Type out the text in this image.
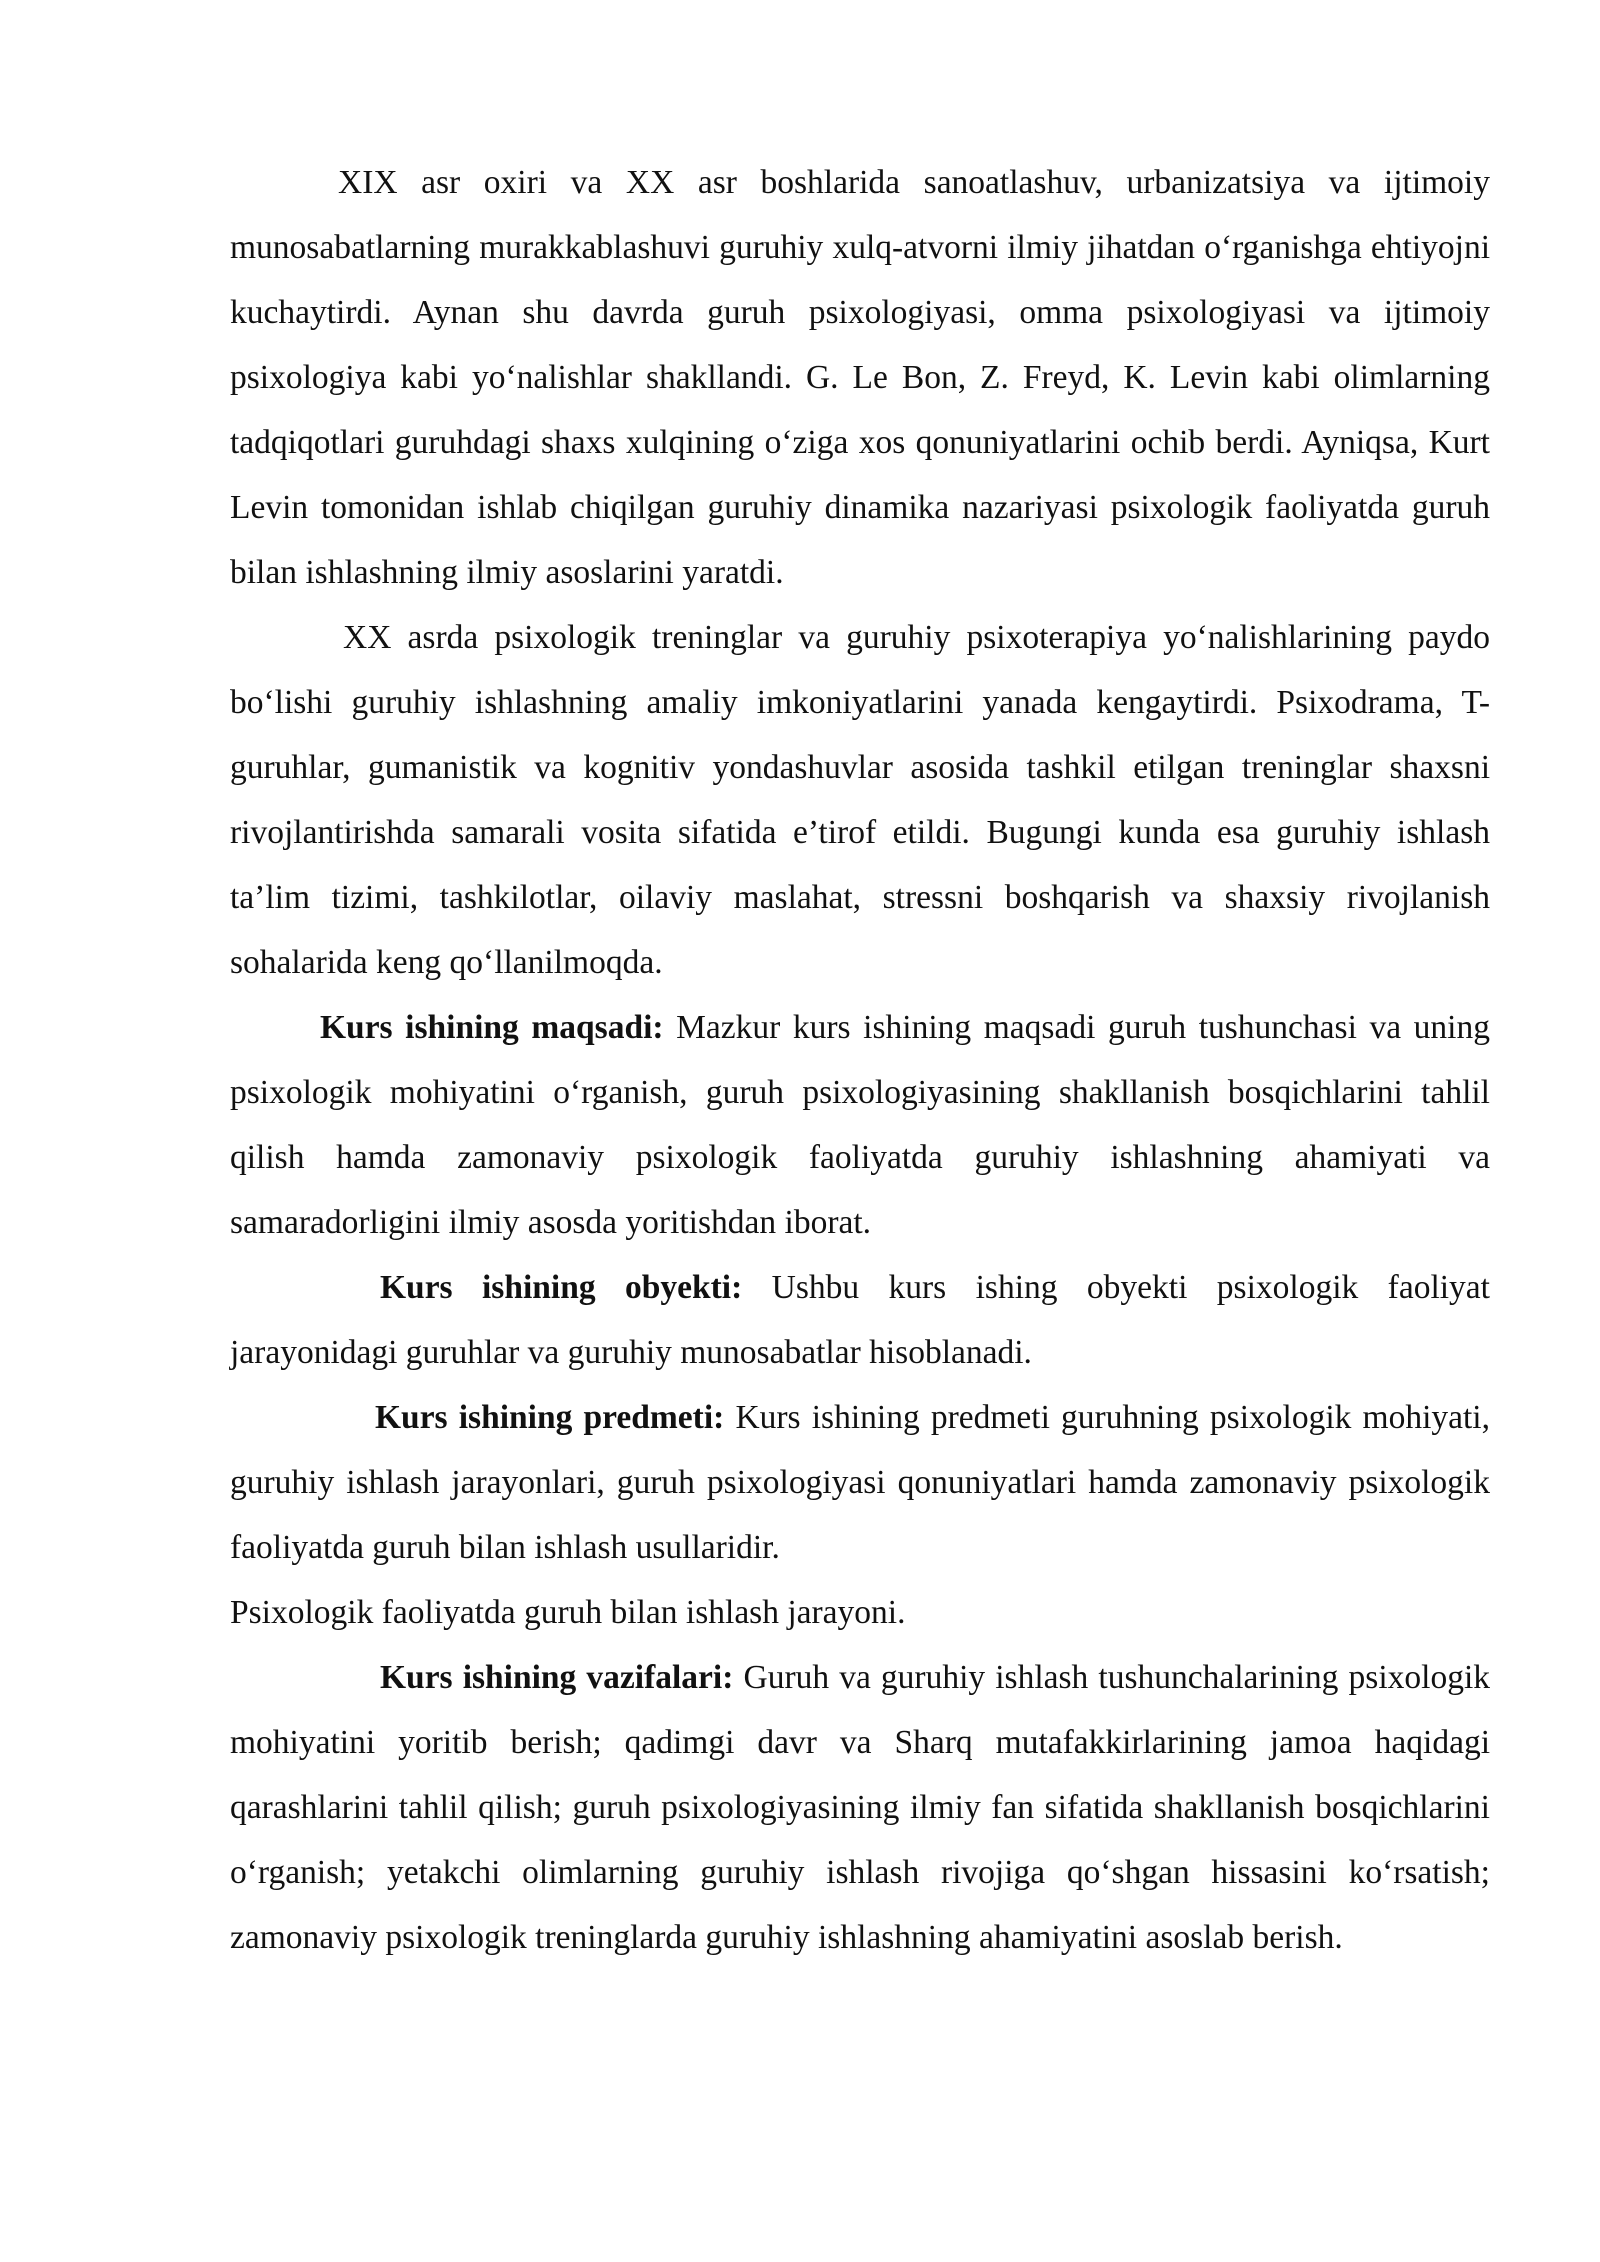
XIX asr oxiri va XX asr boshlarida sanoatlashuv, urbanizatsiya va ijtimoiy munosabatlarning murakkablashuvi guruhiy xulq-atvorni ilmiy jihatdan o‘rganishga ehtiyojni kuchaytirdi. Aynan shu davrda guruh psixologiyasi, omma psixologiyasi va ijtimoiy psixologiya kabi yo‘nalishlar shakllandi. G. Le Bon, Z. Freyd, K. Levin kabi olimlarning tadqiqotlari guruhdagi shaxs xulqining o‘ziga xos qonuniyatlarini ochib berdi. Ayniqsa, Kurt Levin tomonidan ishlab chiqilgan guruhiy dinamika nazariyasi psixologik faoliyatda guruh bilan ishlashning ilmiy asoslarini yaratdi.

XX asrda psixologik treninglar va guruhiy psixoterapiya yo‘nalishlarining paydo bo‘lishi guruhiy ishlashning amaliy imkoniyatlarini yanada kengaytirdi. Psixodrama, T-guruhlar, gumanistik va kognitiv yondashuvlar asosida tashkil etilgan treninglar shaxsni rivojlantirishda samarali vosita sifatida e’tirof etildi. Bugungi kunda esa guruhiy ishlash ta’lim tizimi, tashkilotlar, oilaviy maslahat, stressni boshqarish va shaxsiy rivojlanish sohalarida keng qo‘llanilmoqda.

Kurs ishining maqsadi: Mazkur kurs ishining maqsadi guruh tushunchasi va uning psixologik mohiyatini o‘rganish, guruh psixologiyasining shakllanish bosqichlarini tahlil qilish hamda zamonaviy psixologik faoliyatda guruhiy ishlashning ahamiyati va samaradorligini ilmiy asosda yoritishdan iborat.

Kurs ishining obyekti: Ushbu kurs ishing obyekti psixologik faoliyat jarayonidagi guruhlar va guruhiy munosabatlar hisoblanadi.

Kurs ishining predmeti: Kurs ishining predmeti guruhning psixologik mohiyati, guruhiy ishlash jarayonlari, guruh psixologiyasi qonuniyatlari hamda zamonaviy psixologik faoliyatda guruh bilan ishlash usullaridir.

Psixologik faoliyatda guruh bilan ishlash jarayoni.

Kurs ishining vazifalari: Guruh va guruhiy ishlash tushunchalarining psixologik mohiyatini yoritib berish; qadimgi davr va Sharq mutafakkirlarining jamoa haqidagi qarashlarini tahlil qilish; guruh psixologiyasining ilmiy fan sifatida shakllanish bosqichlarini o‘rganish; yetakchi olimlarning guruhiy ishlash rivojiga qo‘shgan hissasini ko‘rsatish; zamonaviy psixologik treninglarda guruhiy ishlashning ahamiyatini asoslab berish.
